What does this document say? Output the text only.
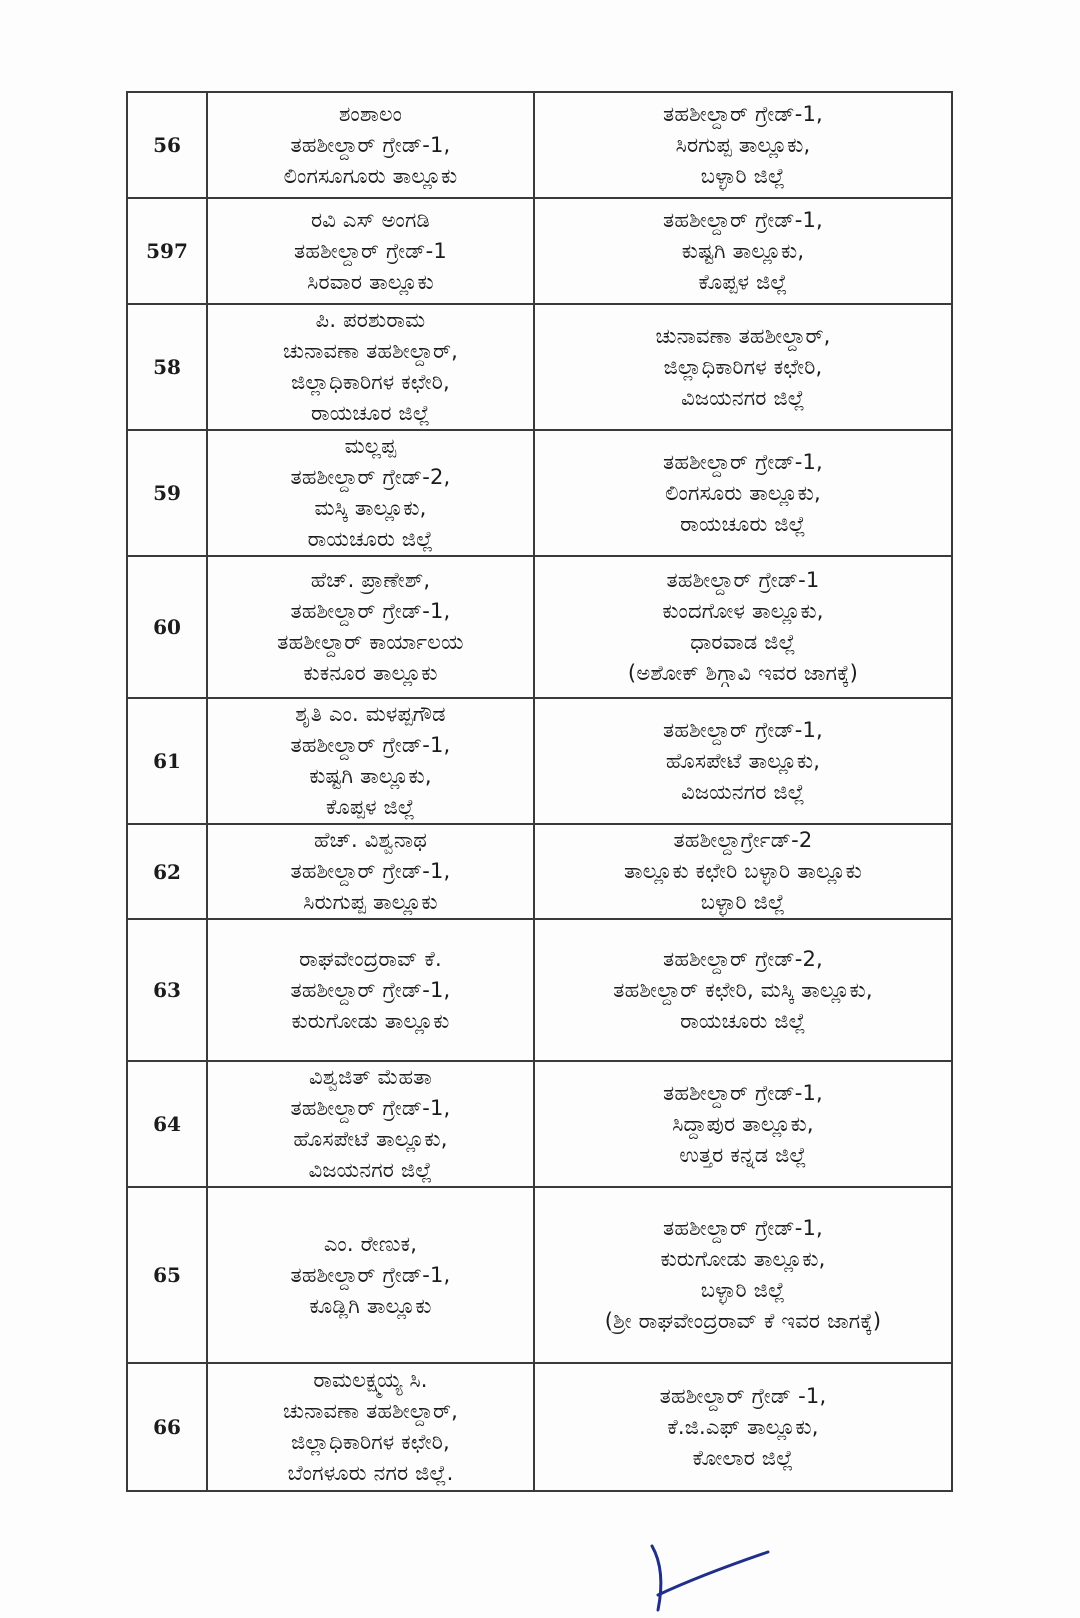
56	ಶಂಶಾಲಂ
ತಹಶೀಲ್ದಾರ್ ಗ್ರೇಡ್-1,
ಲಿಂಗಸೂಗೂರು ತಾಲ್ಲೂಕು	ತಹಶೀಲ್ದಾರ್ ಗ್ರೇಡ್-1,
ಸಿರಗುಪ್ಪ ತಾಲ್ಲೂಕು,
ಬಳ್ಳಾರಿ ಜಿಲ್ಲೆ

597	ರವಿ ಎಸ್ ಅಂಗಡಿ
ತಹಶೀಲ್ದಾರ್ ಗ್ರೇಡ್-1
ಸಿರವಾರ ತಾಲ್ಲೂಕು	ತಹಶೀಲ್ದಾರ್ ಗ್ರೇಡ್-1,
ಕುಷ್ಟಗಿ ತಾಲ್ಲೂಕು,
ಕೊಪ್ಪಳ ಜಿಲ್ಲೆ

58	ಪಿ. ಪರಶುರಾಮ
ಚುನಾವಣಾ ತಹಶೀಲ್ದಾರ್,
ಜಿಲ್ಲಾಧಿಕಾರಿಗಳ ಕಛೇರಿ,
ರಾಯಚೂರ ಜಿಲ್ಲೆ	ಚುನಾವಣಾ ತಹಶೀಲ್ದಾರ್,
ಜಿಲ್ಲಾಧಿಕಾರಿಗಳ ಕಛೇರಿ,
ವಿಜಯನಗರ ಜಿಲ್ಲೆ

59	ಮಲ್ಲಪ್ಪ
ತಹಶೀಲ್ದಾರ್ ಗ್ರೇಡ್-2,
ಮಸ್ಕಿ ತಾಲ್ಲೂಕು,
ರಾಯಚೂರು ಜಿಲ್ಲೆ	ತಹಶೀಲ್ದಾರ್ ಗ್ರೇಡ್-1,
ಲಿಂಗಸೂರು ತಾಲ್ಲೂಕು,
ರಾಯಚೂರು ಜಿಲ್ಲೆ

60	ಹೆಚ್. ಪ್ರಾಣೇಶ್,
ತಹಶೀಲ್ದಾರ್ ಗ್ರೇಡ್-1,
ತಹಶೀಲ್ದಾರ್ ಕಾರ್ಯಾಲಯ
ಕುಕನೂರ ತಾಲ್ಲೂಕು	ತಹಶೀಲ್ದಾರ್ ಗ್ರೇಡ್-1
ಕುಂದಗೋಳ ತಾಲ್ಲೂಕು,
ಧಾರವಾಡ ಜಿಲ್ಲೆ
(ಅಶೋಕ್ ಶಿಗ್ಗಾವಿ ಇವರ ಜಾಗಕ್ಕೆ)

61	ಶೃತಿ ಎಂ. ಮಳಪ್ಪಗೌಡ
ತಹಶೀಲ್ದಾರ್ ಗ್ರೇಡ್-1,
ಕುಷ್ಟಗಿ ತಾಲ್ಲೂಕು,
ಕೊಪ್ಪಳ ಜಿಲ್ಲೆ	ತಹಶೀಲ್ದಾರ್ ಗ್ರೇಡ್-1,
ಹೊಸಪೇಟೆ ತಾಲ್ಲೂಕು,
ವಿಜಯನಗರ ಜಿಲ್ಲೆ

62	ಹೆಚ್. ವಿಶ್ವನಾಥ
ತಹಶೀಲ್ದಾರ್ ಗ್ರೇಡ್-1,
ಸಿರುಗುಪ್ಪ ತಾಲ್ಲೂಕು	ತಹಶೀಲ್ದಾರ್ಗ್ರೇಡ್-2
ತಾಲ್ಲೂಕು ಕಛೇರಿ ಬಳ್ಳಾರಿ ತಾಲ್ಲೂಕು
ಬಳ್ಳಾರಿ ಜಿಲ್ಲೆ

63	ರಾಘವೇಂದ್ರರಾವ್ ಕೆ.
ತಹಶೀಲ್ದಾರ್ ಗ್ರೇಡ್-1,
ಕುರುಗೋಡು ತಾಲ್ಲೂಕು	ತಹಶೀಲ್ದಾರ್ ಗ್ರೇಡ್-2,
ತಹಶೀಲ್ದಾರ್ ಕಛೇರಿ, ಮಸ್ಕಿ ತಾಲ್ಲೂಕು,
ರಾಯಚೂರು ಜಿಲ್ಲೆ

64	ವಿಶ್ವಜಿತ್ ಮೆಹತಾ
ತಹಶೀಲ್ದಾರ್ ಗ್ರೇಡ್-1,
ಹೊಸಪೇಟೆ ತಾಲ್ಲೂಕು,
ವಿಜಯನಗರ ಜಿಲ್ಲೆ	ತಹಶೀಲ್ದಾರ್ ಗ್ರೇಡ್-1,
ಸಿದ್ದಾಪುರ ತಾಲ್ಲೂಕು,
ಉತ್ತರ ಕನ್ನಡ ಜಿಲ್ಲೆ

65	ಎಂ. ರೇಣುಕ,
ತಹಶೀಲ್ದಾರ್ ಗ್ರೇಡ್-1,
ಕೂಡ್ಲಿಗಿ ತಾಲ್ಲೂಕು	ತಹಶೀಲ್ದಾರ್ ಗ್ರೇಡ್-1,
ಕುರುಗೋಡು ತಾಲ್ಲೂಕು,
ಬಳ್ಳಾರಿ ಜಿಲ್ಲೆ
(ಶ್ರೀ ರಾಘವೇಂದ್ರರಾವ್ ಕೆ ಇವರ ಜಾಗಕ್ಕೆ)

66	ರಾಮಲಕ್ಷ್ಮಯ್ಯ ಸಿ.
ಚುನಾವಣಾ ತಹಶೀಲ್ದಾರ್,
ಜಿಲ್ಲಾಧಿಕಾರಿಗಳ ಕಛೇರಿ,
ಬೆಂಗಳೂರು ನಗರ ಜಿಲ್ಲೆ.	ತಹಶೀಲ್ದಾರ್ ಗ್ರೇಡ್ -1,
ಕೆ.ಜಿ.ಎಫ್ ತಾಲ್ಲೂಕು,
ಕೋಲಾರ ಜಿಲ್ಲೆ
